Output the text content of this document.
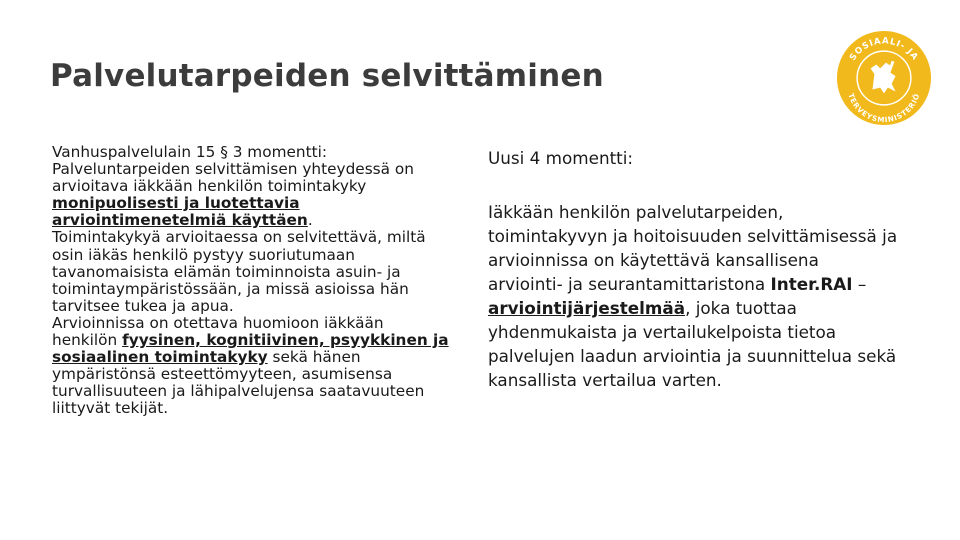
Palvelutarpeiden selvittäminen
SOSIAALI- JA
TERVEYSMINISTERIÖ

Vanhuspalvelulain 15 § 3 momentti:

Palveluntarpeiden selvittämisen yhteydessä on arvioitava iäkkään henkilön toimintakyky monipuolisesti ja luotettavia arviointimenetelmiä käyttäen.

Toimintakykyä arvioitaessa on selvitettävä, miltä osin iäkäs henkilö pystyy suoriutumaan tavanomaisista elämän toiminnoista asuin- ja toimintaympäristössään, ja missä asioissa hän tarvitsee tukea ja apua.

Arvioinnissa on otettava huomioon iäkkään henkilön fyysinen, kognitiivinen, psyykkinen ja sosiaalinen toimintakyky sekä hänen ympäristönsä esteettömyyteen, asumisensa turvallisuuteen ja lähipalvelujensa saatavuuteen liittyvät tekijät.

Uusi 4 momentti:

Iäkkään henkilön palvelutarpeiden, toimintakyvyn ja hoitoisuuden selvittämisessä ja arvioinnissa on käytettävä kansallisena arviointi- ja seurantamittaristona Inter.RAI – arviointijärjestelmää, joka tuottaa yhdenmukaista ja vertailukelpoista tietoa palvelujen laadun arviointia ja suunnittelua sekä kansallista vertailua varten.
